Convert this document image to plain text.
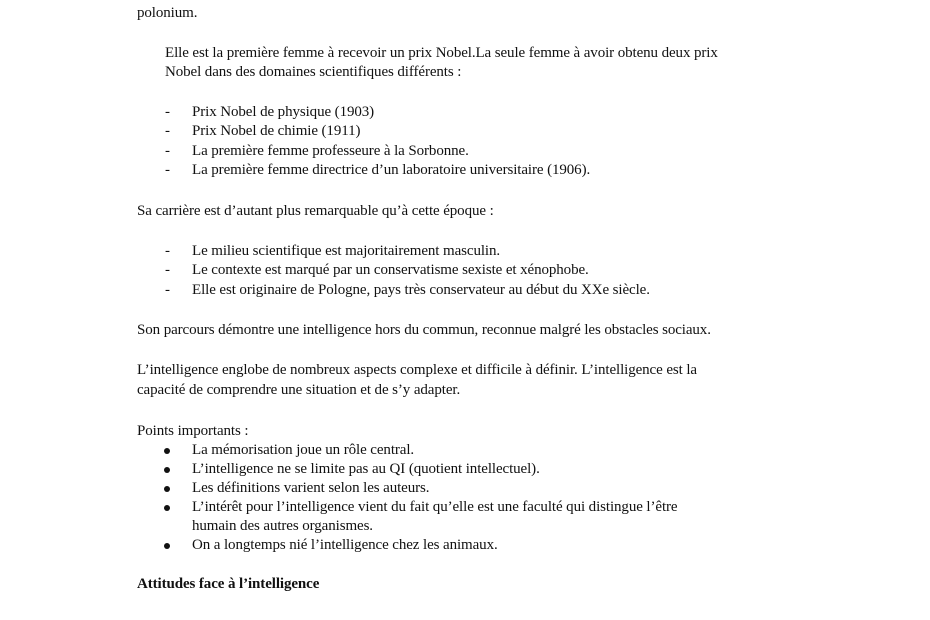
polonium.
Elle est la première femme à recevoir un prix Nobel.La seule femme à avoir obtenu deux prix
Nobel dans des domaines scientifiques différents :
- Prix Nobel de physique (1903)
- Prix Nobel de chimie (1911)
- La première femme professeure à la Sorbonne.
- La première femme directrice d’un laboratoire universitaire (1906).
Sa carrière est d’autant plus remarquable qu’à cette époque :
- Le milieu scientifique est majoritairement masculin.
- Le contexte est marqué par un conservatisme sexiste et xénophobe.
- Elle est originaire de Pologne, pays très conservateur au début du XXe siècle.
Son parcours démontre une intelligence hors du commun, reconnue malgré les obstacles sociaux.
L’intelligence englobe de nombreux aspects complexe et difficile à définir. L’intelligence est la
capacité de comprendre une situation et de s’y adapter.
Points importants :
La mémorisation joue un rôle central.
L’intelligence ne se limite pas au QI (quotient intellectuel).
Les définitions varient selon les auteurs.
L’intérêt pour l’intelligence vient du fait qu’elle est une faculté qui distingue l’être
humain des autres organismes.
On a longtemps nié l’intelligence chez les animaux.
Attitudes face à l’intelligence
